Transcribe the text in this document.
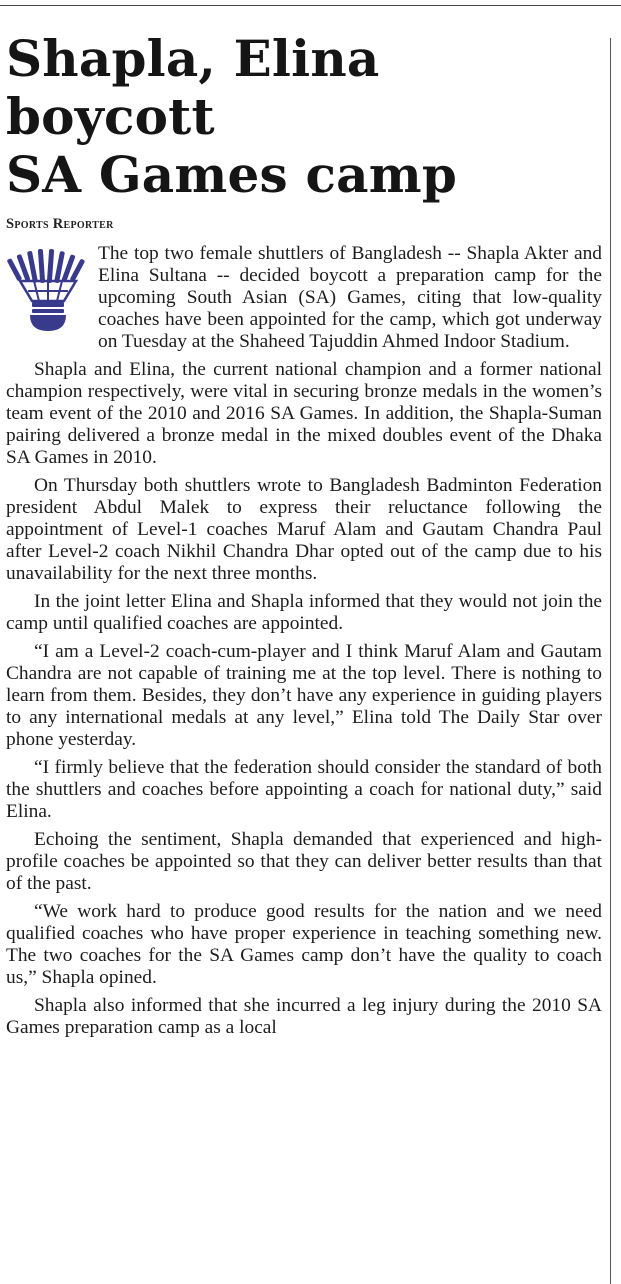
Shapla, Elina boycott
SA Games camp
Sports Reporter

The top two female shuttlers of Bangladesh -- Shapla Akter and Elina Sultana -- decided boycott a preparation camp for the upcoming South Asian (SA) Games, citing that low-quality coaches have been appointed for the camp, which got underway on Tuesday at the Shaheed Tajuddin Ahmed Indoor Stadium.

Shapla and Elina, the current national champion and a former national champion respectively, were vital in securing bronze medals in the women’s team event of the 2010 and 2016 SA Games. In addition, the Shapla-Suman pairing delivered a bronze medal in the mixed doubles event of the Dhaka SA Games in 2010.

On Thursday both shuttlers wrote to Bangladesh Badminton Federation president Abdul Malek to express their reluctance following the appointment of Level-1 coaches Maruf Alam and Gautam Chandra Paul after Level-2 coach Nikhil Chandra Dhar opted out of the camp due to his unavailability for the next three months.

In the joint letter Elina and Shapla informed that they would not join the camp until qualified coaches are appointed.

“I am a Level-2 coach-cum-player and I think Maruf Alam and Gautam Chandra are not capable of training me at the top level. There is nothing to learn from them. Besides, they don’t have any experience in guiding players to any international medals at any level,” Elina told The Daily Star over phone yesterday.

“I firmly believe that the federation should consider the standard of both the shuttlers and coaches before appointing a coach for national duty,” said Elina.

Echoing the sentiment, Shapla demanded that experienced and high-profile coaches be appointed so that they can deliver better results than that of the past.

“We work hard to produce good results for the nation and we need qualified coaches who have proper experience in teaching something new. The two coaches for the SA Games camp don’t have the quality to coach us,” Shapla opined.

Shapla also informed that she incurred a leg injury during the 2010 SA Games preparation camp as a local
